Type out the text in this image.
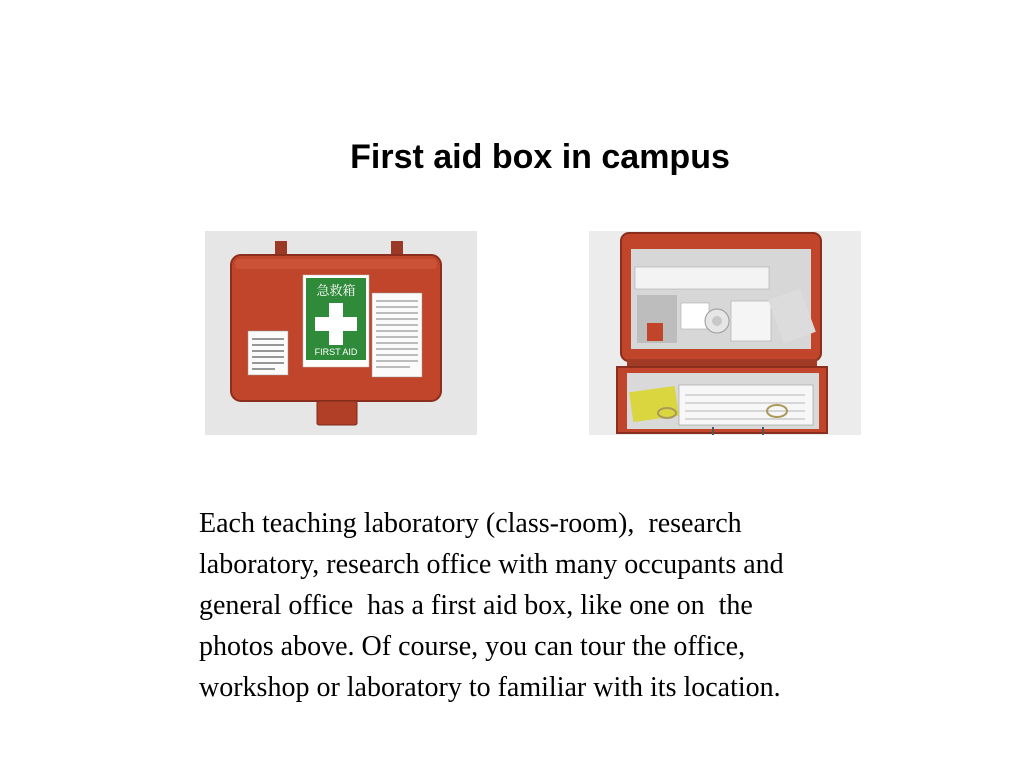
First aid box in campus
急救箱
FIRST AID
Each teaching laboratory (class-room),  research
laboratory, research office with many occupants and
general office  has a first aid box, like one on  the
photos above. Of course, you can tour the office,
workshop or laboratory to familiar with its location.
